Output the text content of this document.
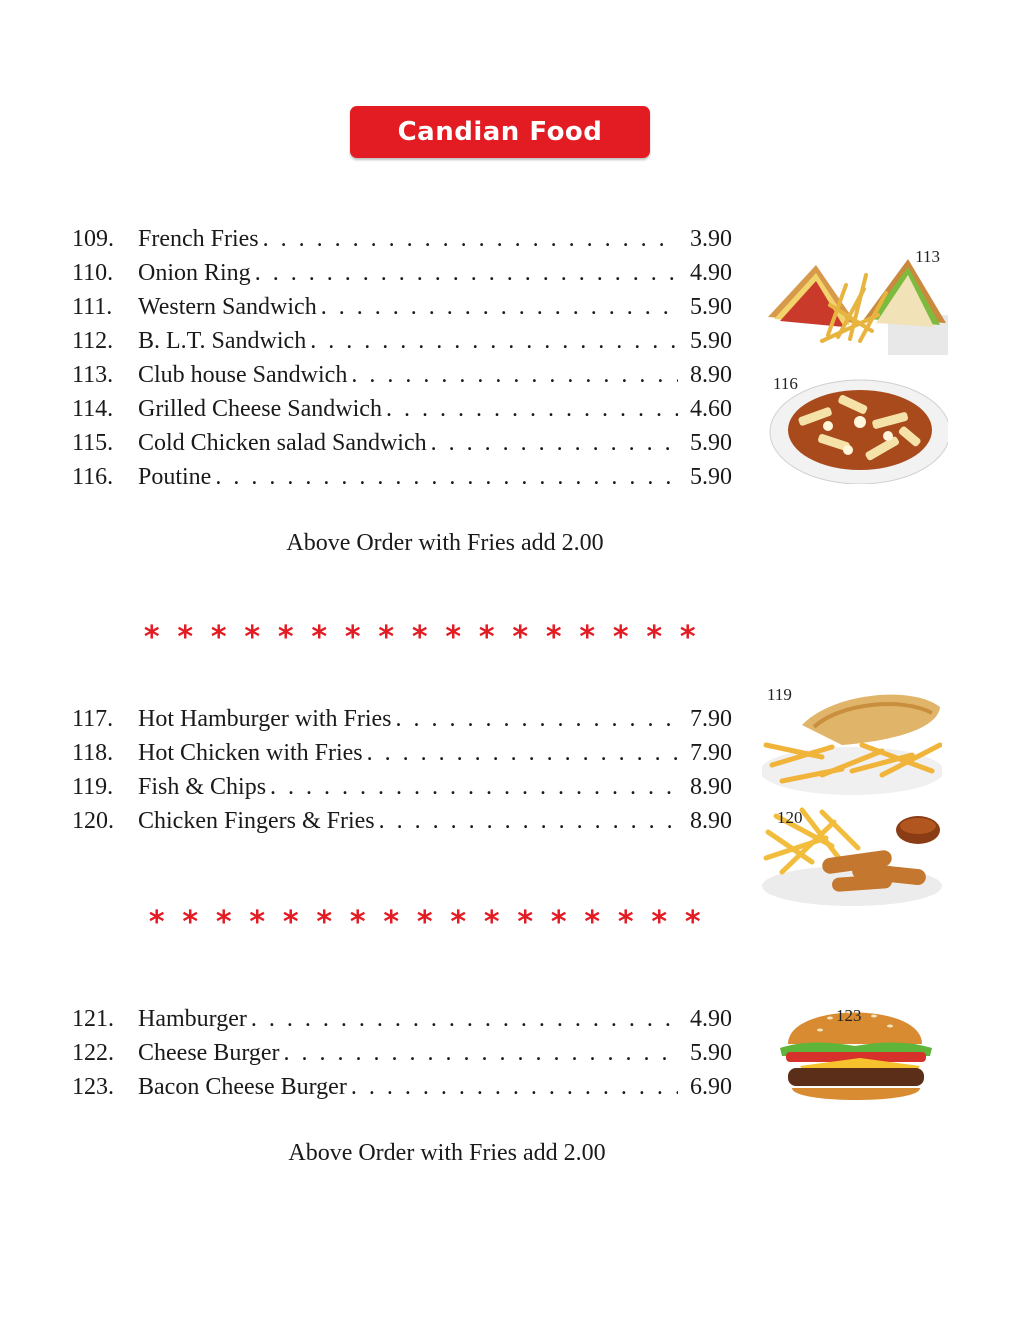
Candian Food
109.	French Fries . . .	3.90
110.	Onion Ring . . .	4.90
111.	Western Sandwich . . .	5.90
112.	B. L.T. Sandwich . . .	5.90
113.	Club house Sandwich . . .	8.90
114.	Grilled Cheese Sandwich . . .	4.60
115.	Cold Chicken salad Sandwich . . .	5.90
116.	Poutine . . .	5.90
Above Order with Fries add 2.00
* * * * * * * * * * * * * * * * *
117.	Hot Hamburger with Fries . . .	7.90
118.	Hot Chicken with Fries . . .	7.90
119.	Fish & Chips . . .	8.90
120.	Chicken Fingers & Fries . . .	8.90
* * * * * * * * * * * * * * * * *
121.	Hamburger . . .	4.90
122.	Cheese Burger . . .	5.90
123.	Bacon Cheese Burger . . .	6.90
Above Order with Fries add 2.00
113
116
119
120
123
